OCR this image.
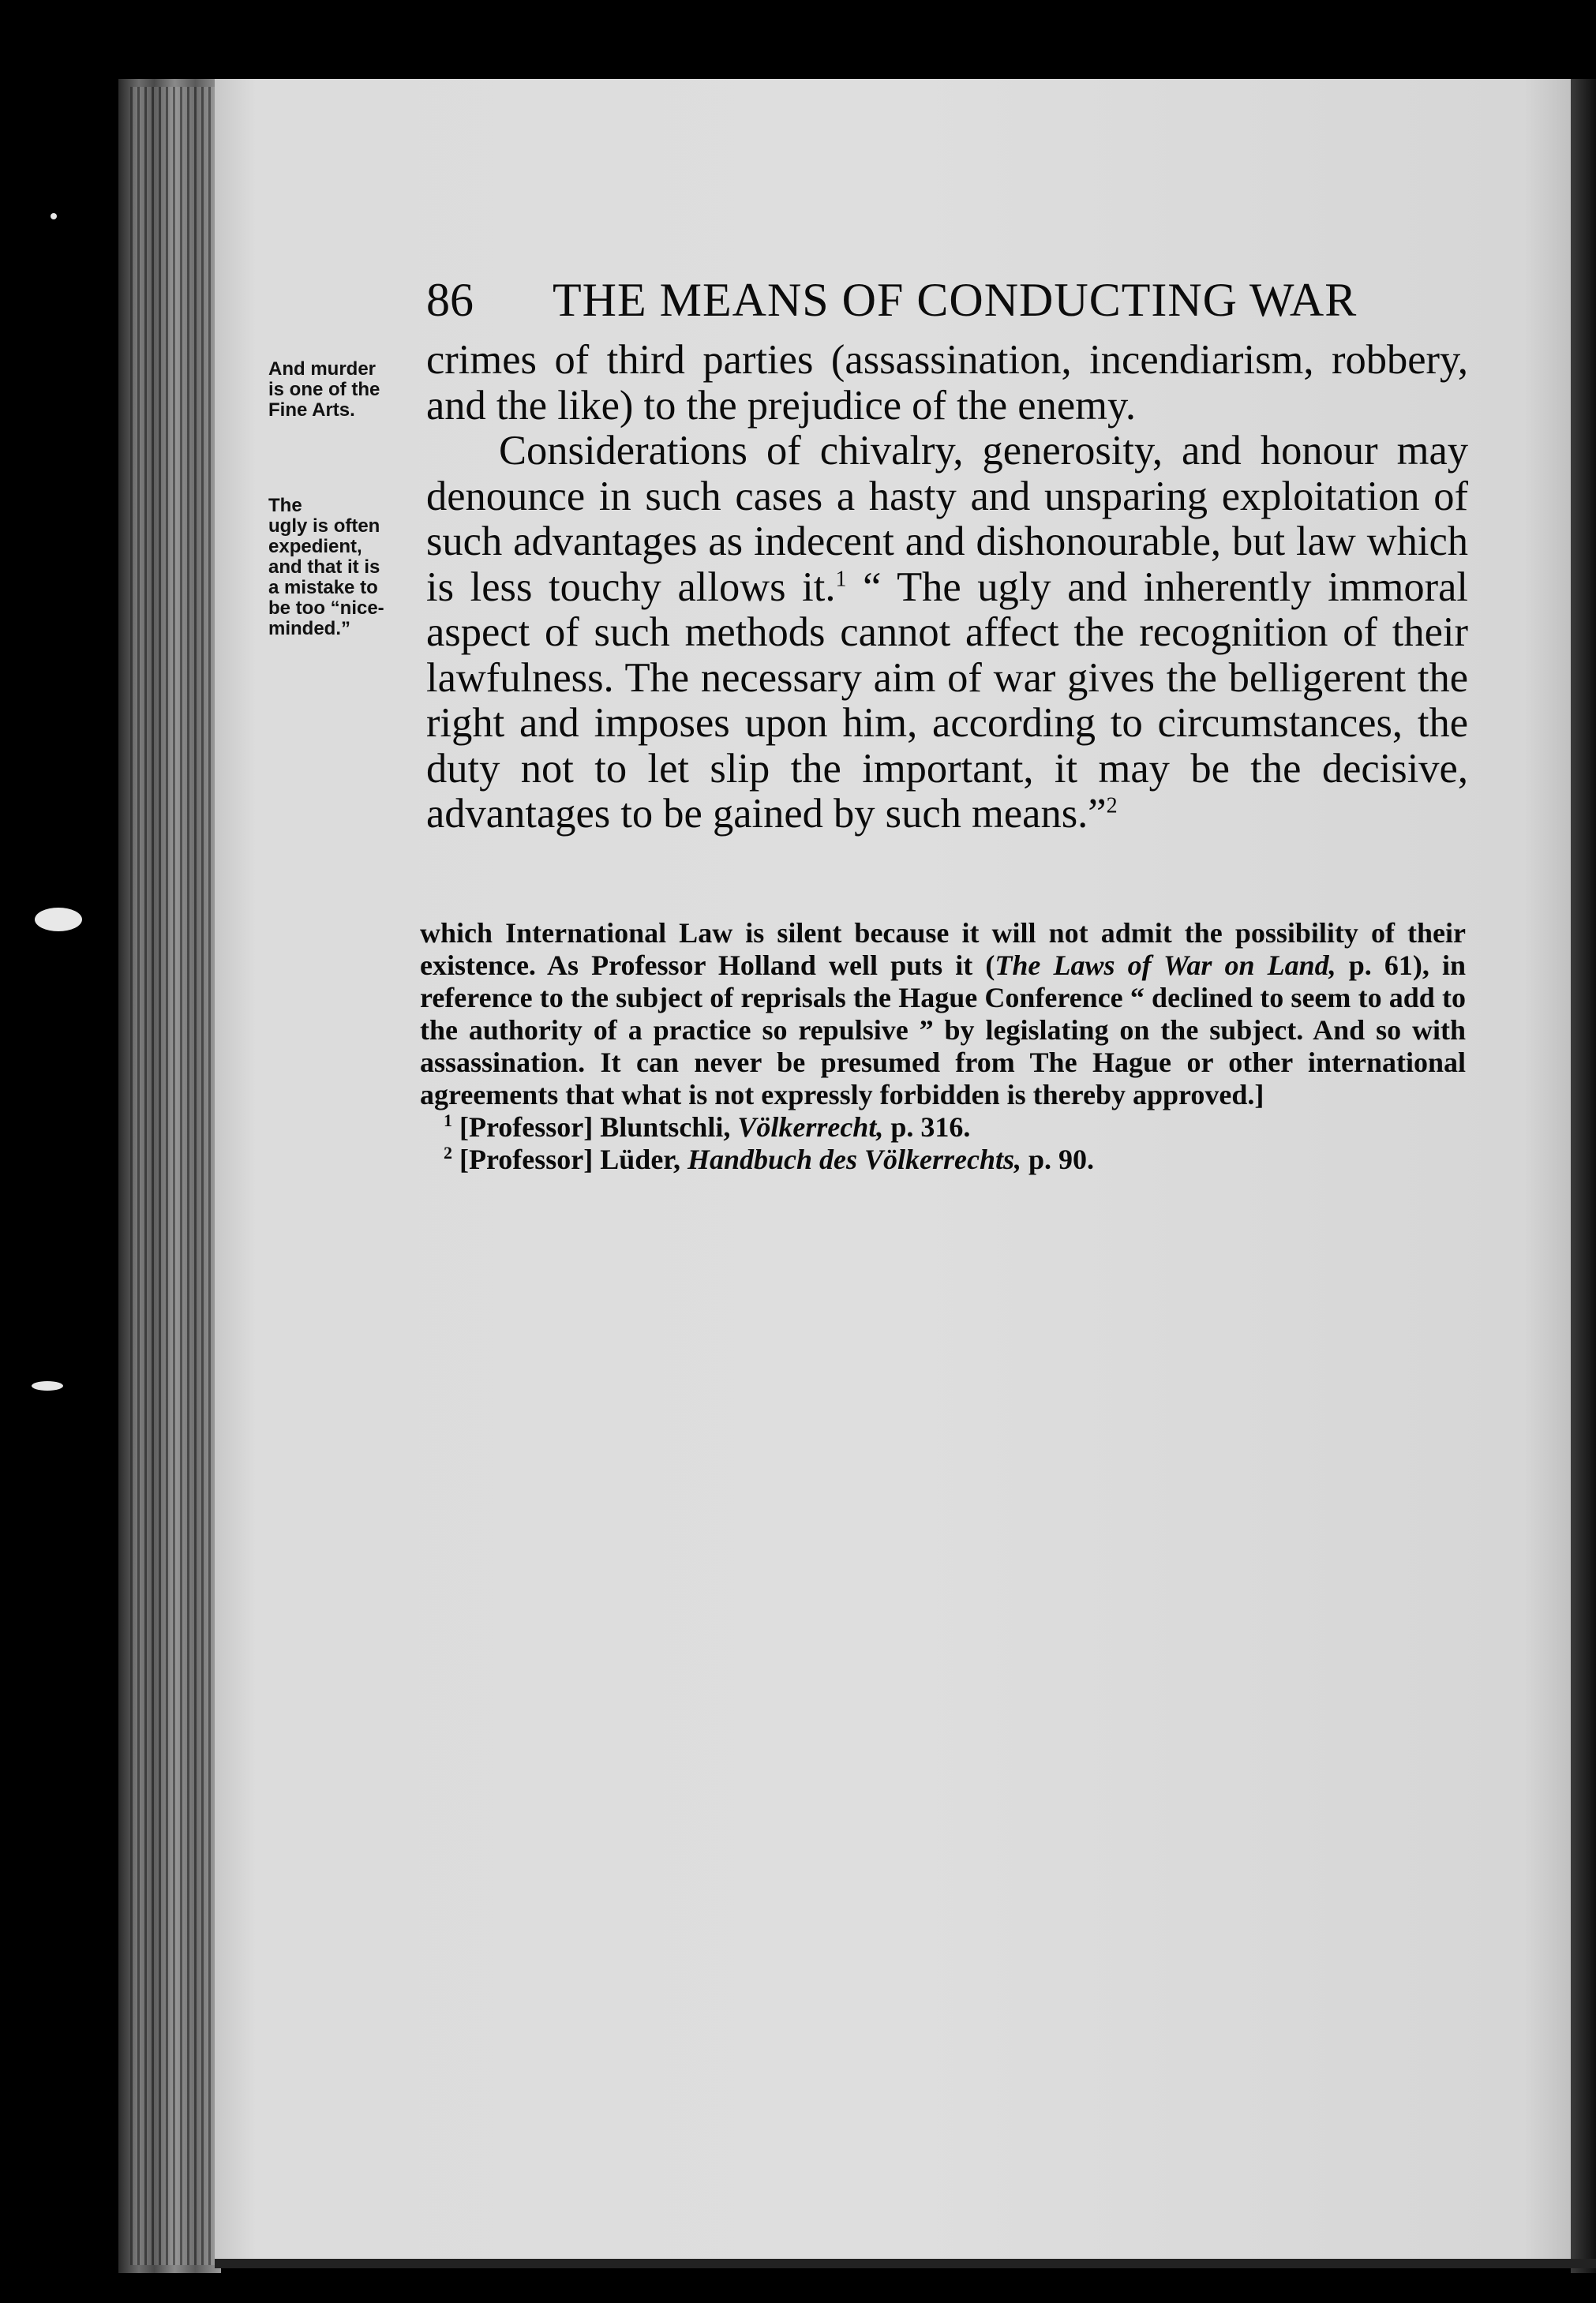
86 THE MEANS OF CONDUCTING WAR
And murder
is one of the
Fine Arts.
The
ugly is often
expedient,
and that it is
a mistake to
be too “nice-
minded.”

crimes of third parties (assassination, incendiarism, robbery, and the like) to the prejudice of the enemy.

Considerations of chivalry, generosity, and honour may denounce in such cases a hasty and unsparing exploitation of such advantages as indecent and dishonourable, but law which is less touchy allows it.$^1$ “ The ugly and inherently immoral aspect of such methods cannot affect the recognition of their lawfulness. The necessary aim of war gives the belligerent the right and imposes upon him, according to circumstances, the duty not to let slip the important, it may be the decisive, advantages to be gained by such means.”$^2$

which International Law is silent because it will not admit the possibility of their existence. As Professor Holland well puts it (The Laws of War on Land, p. 61), in reference to the subject of reprisals the Hague Conference “ declined to seem to add to the authority of a practice so repulsive ” by legislating on the subject. And so with assassination. It can never be presumed from The Hague or other international agreements that what is not expressly forbidden is thereby approved.]

$^1$ [Professor] Bluntschli, Völkerrecht, p. 316.

$^2$ [Professor] Lüder, Handbuch des Völkerrechts, p. 90.
